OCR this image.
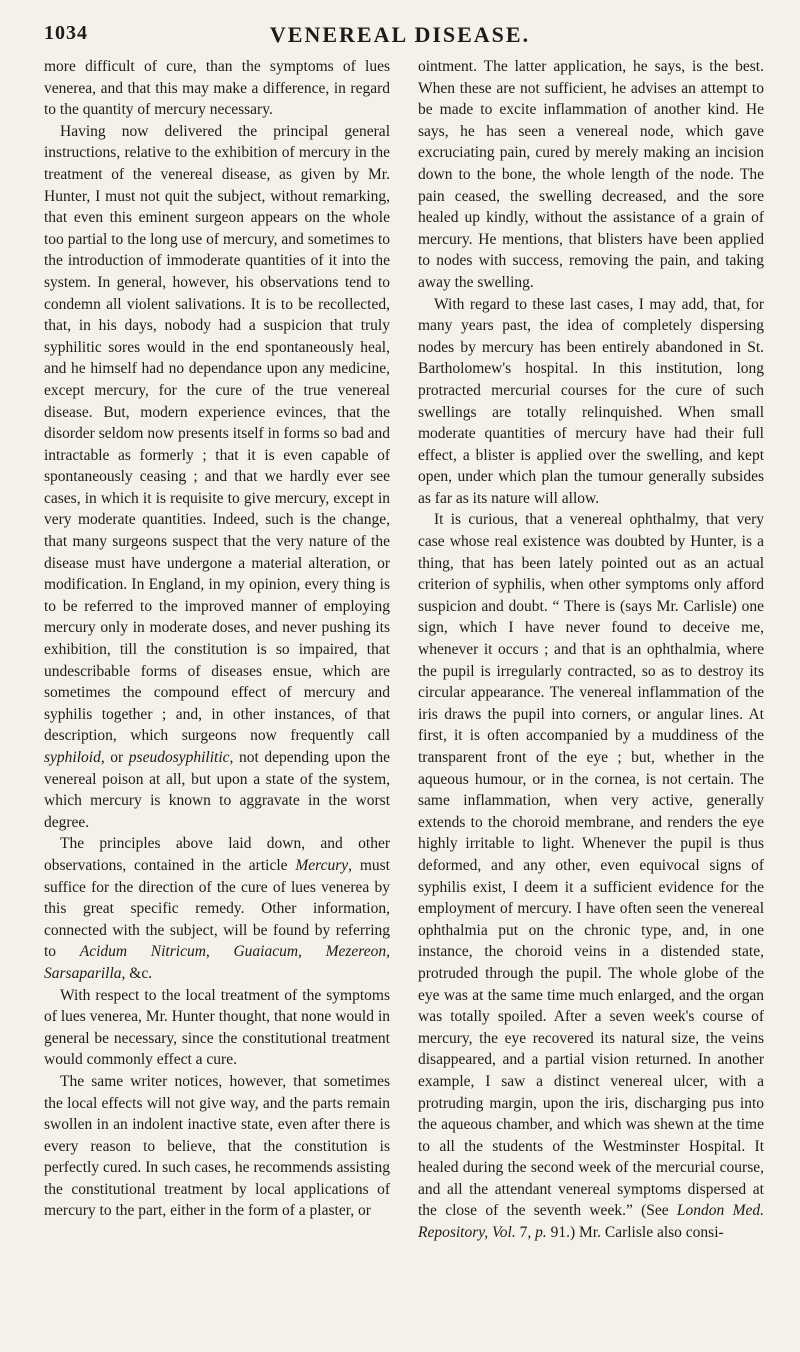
1034	VENEREAL DISEASE.

more difficult of cure, than the symptoms of lues venerea, and that this may make a difference, in regard to the quantity of mercury necessary.

Having now delivered the principal general instructions, relative to the exhibition of mercury in the treatment of the venereal disease, as given by Mr. Hunter, I must not quit the subject, without remarking, that even this eminent surgeon appears on the whole too partial to the long use of mercury, and sometimes to the introduction of immoderate quantities of it into the system. In general, however, his observations tend to condemn all violent salivations. It is to be recollected, that, in his days, nobody had a suspicion that truly syphilitic sores would in the end spontaneously heal, and he himself had no dependance upon any medicine, except mercury, for the cure of the true venereal disease. But, modern experience evinces, that the disorder seldom now presents itself in forms so bad and intractable as formerly ; that it is even capable of spontaneously ceasing ; and that we hardly ever see cases, in which it is requisite to give mercury, except in very moderate quantities. Indeed, such is the change, that many surgeons suspect that the very nature of the disease must have undergone a material alteration, or modification. In England, in my opinion, every thing is to be referred to the improved manner of employing mercury only in moderate doses, and never pushing its exhibition, till the constitution is so impaired, that undescribable forms of diseases ensue, which are sometimes the compound effect of mercury and syphilis together ; and, in other instances, of that description, which surgeons now frequently call syphiloid, or pseudosyphilitic, not depending upon the venereal poison at all, but upon a state of the system, which mercury is known to aggravate in the worst degree.

The principles above laid down, and other observations, contained in the article Mercury, must suffice for the direction of the cure of lues venerea by this great specific remedy. Other information, connected with the subject, will be found by referring to Acidum Nitricum, Guaiacum, Mezereon, Sarsaparilla, &c.

With respect to the local treatment of the symptoms of lues venerea, Mr. Hunter thought, that none would in general be necessary, since the constitutional treatment would commonly effect a cure.

The same writer notices, however, that sometimes the local effects will not give way, and the parts remain swollen in an indolent inactive state, even after there is every reason to believe, that the constitution is perfectly cured. In such cases, he recommends assisting the constitutional treatment by local applications of mercury to the part, either in the form of a plaster, or

ointment. The latter application, he says, is the best. When these are not sufficient, he advises an attempt to be made to excite inflammation of another kind. He says, he has seen a venereal node, which gave excruciating pain, cured by merely making an incision down to the bone, the whole length of the node. The pain ceased, the swelling decreased, and the sore healed up kindly, without the assistance of a grain of mercury. He mentions, that blisters have been applied to nodes with success, removing the pain, and taking away the swelling.

With regard to these last cases, I may add, that, for many years past, the idea of completely dispersing nodes by mercury has been entirely abandoned in St. Bartholomew's hospital. In this institution, long protracted mercurial courses for the cure of such swellings are totally relinquished. When small moderate quantities of mercury have had their full effect, a blister is applied over the swelling, and kept open, under which plan the tumour generally subsides as far as its nature will allow.

It is curious, that a venereal ophthalmy, that very case whose real existence was doubted by Hunter, is a thing, that has been lately pointed out as an actual criterion of syphilis, when other symptoms only afford suspicion and doubt. “ There is (says Mr. Carlisle) one sign, which I have never found to deceive me, whenever it occurs ; and that is an ophthalmia, where the pupil is irregularly contracted, so as to destroy its circular appearance. The venereal inflammation of the iris draws the pupil into corners, or angular lines. At first, it is often accompanied by a muddiness of the transparent front of the eye ; but, whether in the aqueous humour, or in the cornea, is not certain. The same inflammation, when very active, generally extends to the choroid membrane, and renders the eye highly irritable to light. Whenever the pupil is thus deformed, and any other, even equivocal signs of syphilis exist, I deem it a sufficient evidence for the employment of mercury. I have often seen the venereal ophthalmia put on the chronic type, and, in one instance, the choroid veins in a distended state, protruded through the pupil. The whole globe of the eye was at the same time much enlarged, and the organ was totally spoiled. After a seven week's course of mercury, the eye recovered its natural size, the veins disappeared, and a partial vision returned. In another example, I saw a distinct venereal ulcer, with a protruding margin, upon the iris, discharging pus into the aqueous chamber, and which was shewn at the time to all the students of the Westminster Hospital. It healed during the second week of the mercurial course, and all the attendant venereal symptoms dispersed at the close of the seventh week.” (See London Med. Repository, Vol. 7, p. 91.) Mr. Carlisle also consi-
